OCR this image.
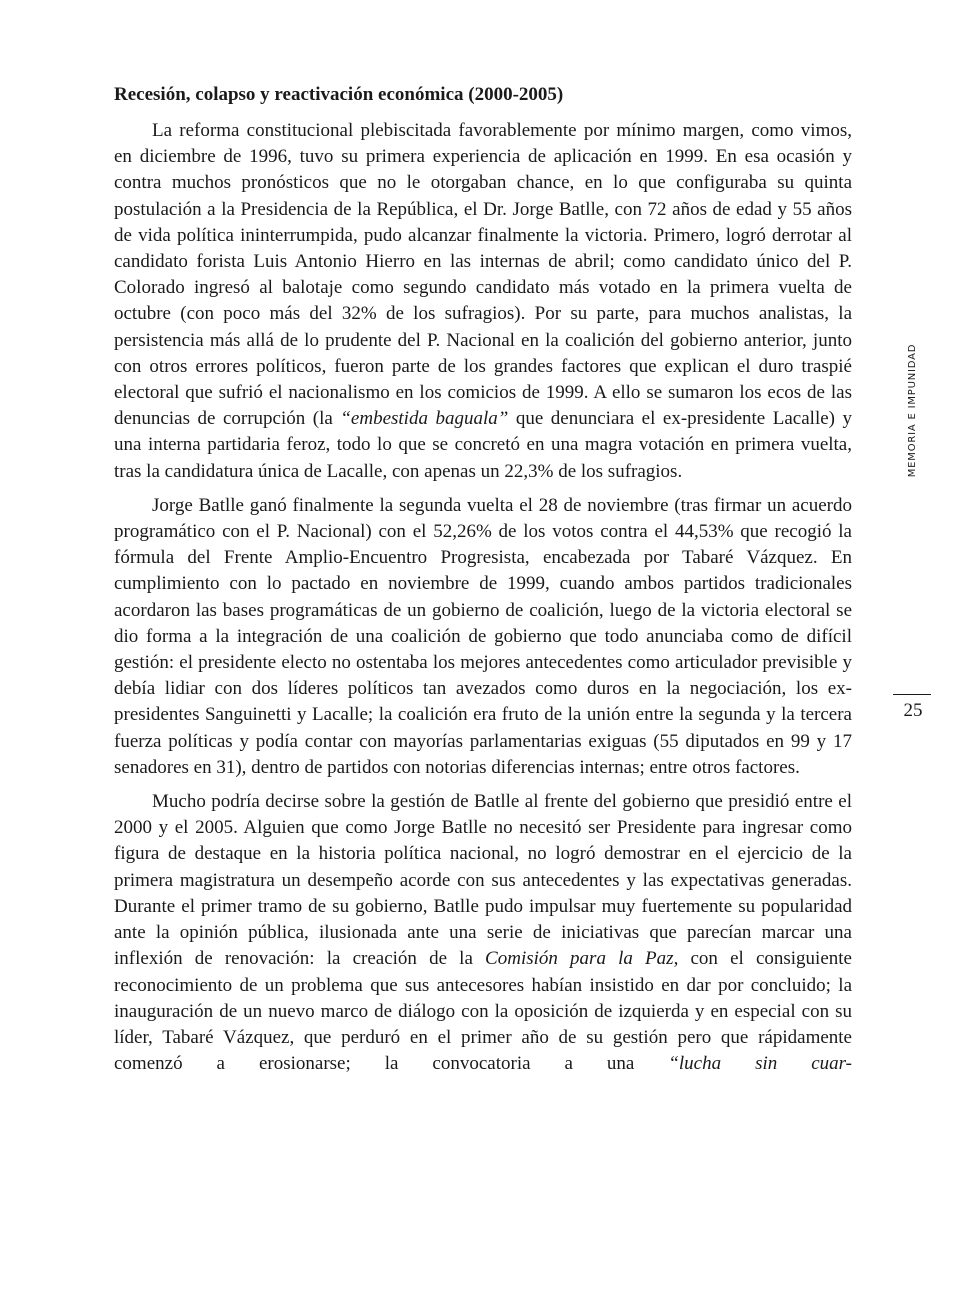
Recesión, colapso y reactivación económica (2000-2005)

La reforma constitucional plebiscitada favorablemente por mínimo margen, como vimos, en diciembre de 1996, tuvo su primera experiencia de aplicación en 1999. En esa ocasión y contra muchos pronósticos que no le otorgaban chance, en lo que configuraba su quinta postulación a la Presidencia de la República, el Dr. Jorge Batlle, con 72 años de edad y 55 años de vida política ininterrumpida, pudo alcanzar finalmente la victoria. Primero, logró derrotar al candidato forista Luis Antonio Hierro en las internas de abril; como candidato único del P. Colorado ingresó al balotaje como segundo candidato más votado en la primera vuelta de octubre (con poco más del 32% de los sufragios). Por su parte, para muchos analistas, la persistencia más allá de lo prudente del P. Nacional en la coalición del gobierno anterior, junto con otros errores políticos, fueron parte de los grandes factores que explican el duro traspié electoral que sufrió el nacionalismo en los comicios de 1999. A ello se sumaron los ecos de las denuncias de corrupción (la “embestida baguala” que denunciara el ex-presidente Lacalle) y una interna partidaria feroz, todo lo que se concretó en una magra votación en primera vuelta, tras la candidatura única de Lacalle, con apenas un 22,3% de los sufragios.

Jorge Batlle ganó finalmente la segunda vuelta el 28 de noviembre (tras firmar un acuerdo programático con el P. Nacional) con el 52,26% de los votos contra el 44,53% que recogió la fórmula del Frente Amplio-Encuentro Progresista, encabezada por Tabaré Vázquez. En cumplimiento con lo pactado en noviembre de 1999, cuando ambos partidos tradicionales acordaron las bases programáticas de un gobierno de coalición, luego de la victoria electoral se dio forma a la integración de una coalición de gobierno que todo anunciaba como de difícil gestión: el presidente electo no ostentaba los mejores antecedentes como articulador previsible y debía lidiar con dos líderes políticos tan avezados como duros en la negociación, los ex-presidentes Sanguinetti y Lacalle; la coalición era fruto de la unión entre la segunda y la tercera fuerza políticas y podía contar con mayorías parlamentarias exiguas (55 diputados en 99 y 17 senadores en 31), dentro de partidos con notorias diferencias internas; entre otros factores.

Mucho podría decirse sobre la gestión de Batlle al frente del gobierno que presidió entre el 2000 y el 2005. Alguien que como Jorge Batlle no necesitó ser Presidente para ingresar como figura de destaque en la historia política nacional, no logró demostrar en el ejercicio de la primera magistratura un desempeño acorde con sus antecedentes y las expectativas generadas. Durante el primer tramo de su gobierno, Batlle pudo impulsar muy fuertemente su popularidad ante la opinión pública, ilusionada ante una serie de iniciativas que parecían marcar una inflexión de renovación: la creación de la Comisión para la Paz, con el consiguiente reconocimiento de un problema que sus antecesores habían insistido en dar por concluido; la inauguración de un nuevo marco de diálogo con la oposición de izquierda y en especial con su líder, Tabaré Vázquez, que perduró en el primer año de su gestión pero que rápidamente comenzó a erosionarse; la convocatoria a una “lucha sin cuar-

MEMORIA E IMPUNIDAD
25
